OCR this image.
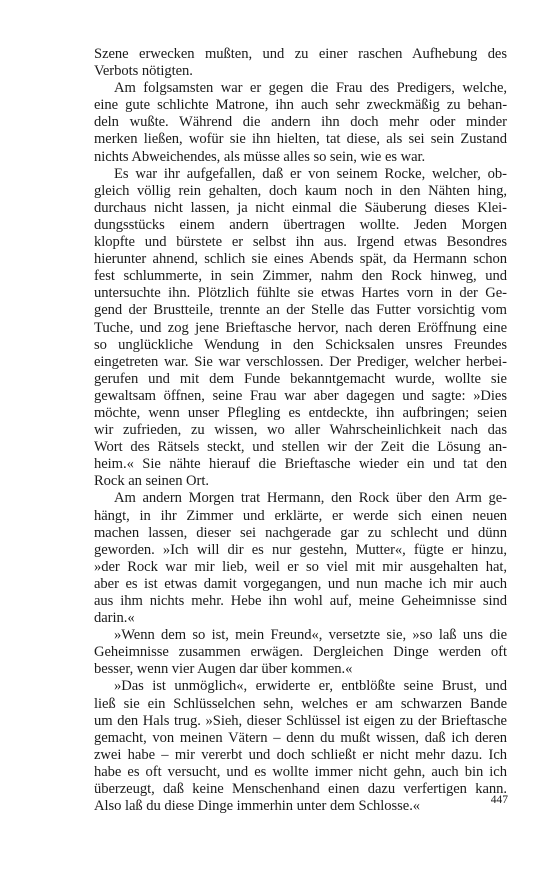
Szene erwecken mußten, und zu einer raschen Aufhebung des
Verbots nötigten.
Am folgsamsten war er gegen die Frau des Predigers, welche,
eine gute schlichte Matrone, ihn auch sehr zweckmäßig zu behan-
deln wußte. Während die andern ihn doch mehr oder minder
merken ließen, wofür sie ihn hielten, tat diese, als sei sein Zustand
nichts Abweichendes, als müsse alles so sein, wie es war.
Es war ihr aufgefallen, daß er von seinem Rocke, welcher, ob-
gleich völlig rein gehalten, doch kaum noch in den Nähten hing,
durchaus nicht lassen, ja nicht einmal die Säuberung dieses Klei-
dungsstücks einem andern übertragen wollte. Jeden Morgen
klopfte und bürstete er selbst ihn aus. Irgend etwas Besondres
hierunter ahnend, schlich sie eines Abends spät, da Hermann schon
fest schlummerte, in sein Zimmer, nahm den Rock hinweg, und
untersuchte ihn. Plötzlich fühlte sie etwas Hartes vorn in der Ge-
gend der Brustteile, trennte an der Stelle das Futter vorsichtig vom
Tuche, und zog jene Brieftasche hervor, nach deren Eröffnung eine
so unglückliche Wendung in den Schicksalen unsres Freundes
eingetreten war. Sie war verschlossen. Der Prediger, welcher herbei-
gerufen und mit dem Funde bekanntgemacht wurde, wollte sie
gewaltsam öffnen, seine Frau war aber dagegen und sagte: »Dies
möchte, wenn unser Pflegling es entdeckte, ihn aufbringen; seien
wir zufrieden, zu wissen, wo aller Wahrscheinlichkeit nach das
Wort des Rätsels steckt, und stellen wir der Zeit die Lösung an-
heim.« Sie nähte hierauf die Brieftasche wieder ein und tat den
Rock an seinen Ort.
Am andern Morgen trat Hermann, den Rock über den Arm ge-
hängt, in ihr Zimmer und erklärte, er werde sich einen neuen
machen lassen, dieser sei nachgerade gar zu schlecht und dünn
geworden. »Ich will dir es nur gestehn, Mutter«, fügte er hinzu,
»der Rock war mir lieb, weil er so viel mit mir ausgehalten hat,
aber es ist etwas damit vorgegangen, und nun mache ich mir auch
aus ihm nichts mehr. Hebe ihn wohl auf, meine Geheimnisse sind
darin.«
»Wenn dem so ist, mein Freund«, versetzte sie, »so laß uns die
Geheimnisse zusammen erwägen. Dergleichen Dinge werden oft
besser, wenn vier Augen dar über kommen.«
»Das ist unmöglich«, erwiderte er, entblößte seine Brust, und
ließ sie ein Schlüsselchen sehn, welches er am schwarzen Bande
um den Hals trug. »Sieh, dieser Schlüssel ist eigen zu der Brieftasche
gemacht, von meinen Vätern – denn du mußt wissen, daß ich deren
zwei habe – mir vererbt und doch schließt er nicht mehr dazu. Ich
habe es oft versucht, und es wollte immer nicht gehn, auch bin ich
überzeugt, daß keine Menschenhand einen dazu verfertigen kann.
Also laß du diese Dinge immerhin unter dem Schlosse.«	447
